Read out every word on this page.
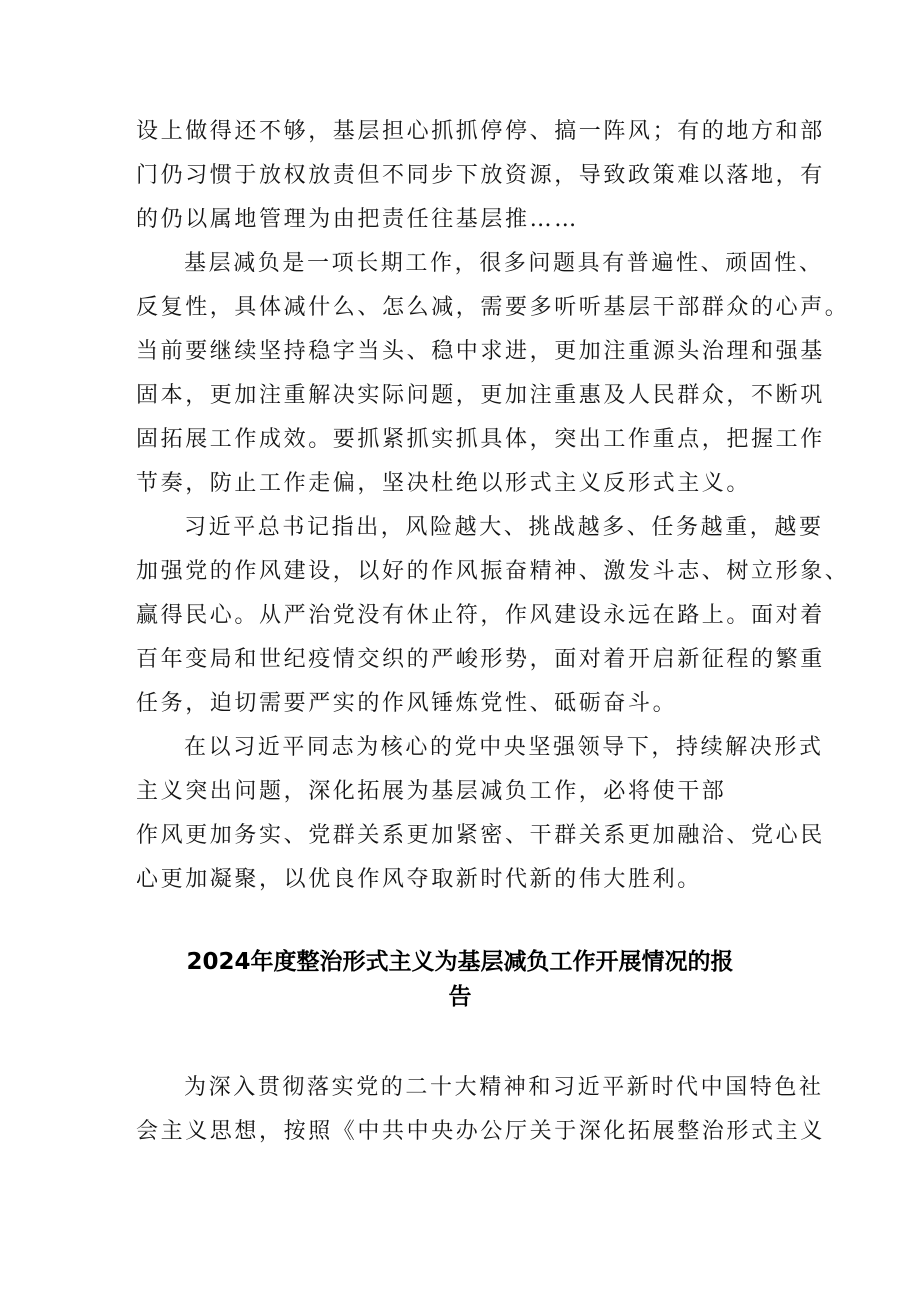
设上做得还不够，基层担心抓抓停停、搞一阵风；有的地方和部
门仍习惯于放权放责但不同步下放资源，导致政策难以落地，有
的仍以属地管理为由把责任往基层推……
基层减负是一项长期工作，很多问题具有普遍性、顽固性、
反复性，具体减什么、怎么减，需要多听听基层干部群众的心声。
当前要继续坚持稳字当头、稳中求进，更加注重源头治理和强基
固本，更加注重解决实际问题，更加注重惠及人民群众，不断巩
固拓展工作成效。要抓紧抓实抓具体，突出工作重点，把握工作
节奏，防止工作走偏，坚决杜绝以形式主义反形式主义。
习近平总书记指出，风险越大、挑战越多、任务越重，越要
加强党的作风建设，以好的作风振奋精神、激发斗志、树立形象、
赢得民心。从严治党没有休止符，作风建设永远在路上。面对着
百年变局和世纪疫情交织的严峻形势，面对着开启新征程的繁重
任务，迫切需要严实的作风锤炼党性、砥砺奋斗。
在以习近平同志为核心的党中央坚强领导下，持续解决形式
主义突出问题，深化拓展为基层减负工作，必将使干部
作风更加务实、党群关系更加紧密、干群关系更加融洽、党心民
心更加凝聚，以优良作风夺取新时代新的伟大胜利。
2024年度整治形式主义为基层减负工作开展情况的报
告
为深入贯彻落实党的二十大精神和习近平新时代中国特色社
会主义思想，按照《中共中央办公厅关于深化拓展整治形式主义
